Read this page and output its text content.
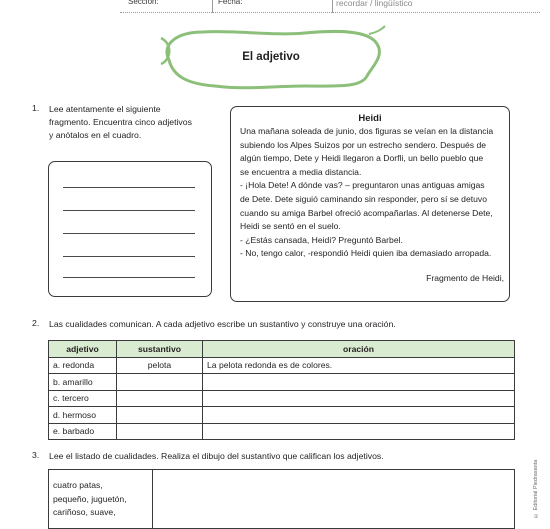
Sección:	Fecha:	recordar / lingüístico
El adjetivo
1. Lee atentamente el siguiente
fragmento. Encuentra cinco adjetivos
y anótalos en el cuadro.
Heidi
Una mañana soleada de junio, dos figuras se veían en la distancia
subiendo los Alpes Suizos por un estrecho sendero. Después de
algún tiempo, Dete y Heidi llegaron a Dorfli, un bello pueblo que
se encuentra a media distancia.
- ¡Hola Dete! A dónde vas? – preguntaron unas antiguas amigas
de Dete. Dete siguió caminando sin responder, pero sí se detuvo
cuando su amiga Barbel ofreció acompañarlas. Al detenerse Dete,
Heidi se sentó en el suelo.
- ¿Estás cansada, Heidi? Preguntó Barbel.
- No, tengo calor, -respondió Heidi quien iba demasiado arropada.
Fragmento de Heidi,
2. Las cualidades comunican. A cada adjetivo escribe un sustantivo y construye una oración.
adjetivo	sustantivo	oración
a. redonda	pelota	La pelota redonda es de colores.
b. amarillo		
c. tercero		
d. hermoso		
e. barbado		
3. Lee el listado de cualidades. Realiza el dibujo del sustantivo que califican los adjetivos.
cuatro patas,
pequeño, juguetón,
cariñoso, suave,
		© Editorial Piedrasanta
